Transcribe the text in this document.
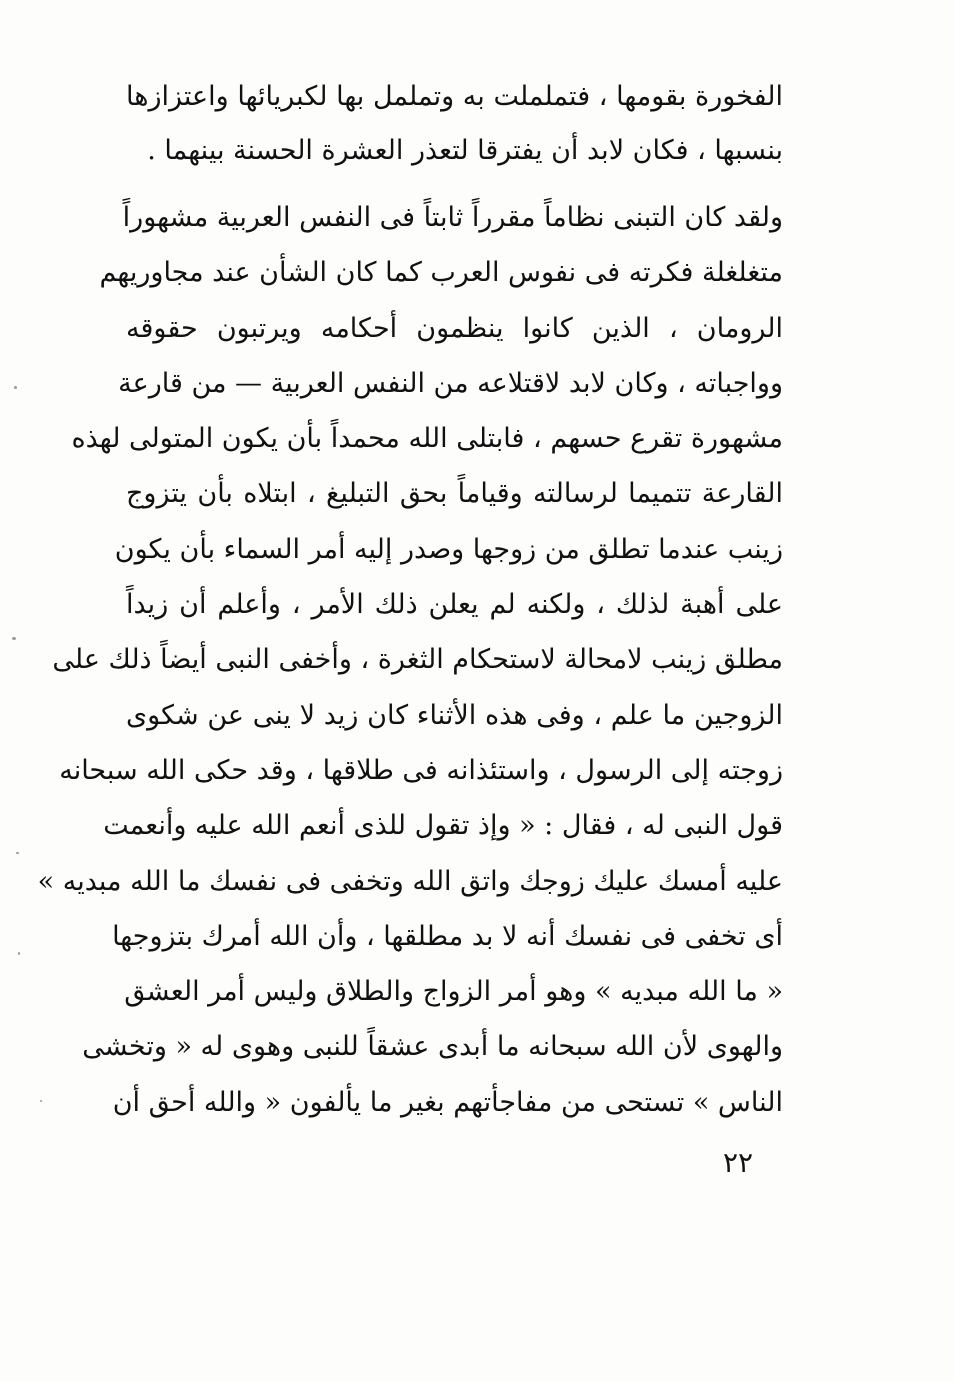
الفخورة بقومها ، فتململت به وتململ بها لكبريائها واعتزازها
بنسبها ، فكان لابد أن يفترقا لتعذر العشرة الحسنة بينهما .
ولقد كان التبنى نظاماً مقرراً ثابتاً فى النفس العربية مشهوراً
متغلغلة فكرته فى نفوس العرب كما كان الشأن عند مجاوريهم
الرومان ، الذين كانوا ينظمون أحكامه ويرتبون حقوقه
وواجباته ، وكان لابد لاقتلاعه من النفس العربية — من قارعة
مشهورة تقرع حسهم ، فابتلى الله محمداً بأن يكون المتولى لهذه
القارعة تتميما لرسالته وقياماً بحق التبليغ ، ابتلاه بأن يتزوج
زينب عندما تطلق من زوجها وصدر إليه أمر السماء بأن يكون
على أهبة لذلك ، ولكنه لم يعلن ذلك الأمر ، وأعلم أن زيداً
مطلق زينب لامحالة لاستحكام الثغرة ، وأخفى النبى أيضاً ذلك على
الزوجين ما علم ، وفى هذه الأثناء كان زيد لا ينى عن شكوى
زوجته إلى الرسول ، واستئذانه فى طلاقها ، وقد حكى الله سبحانه
قول النبى له ، فقال : « وإذ تقول للذى أنعم الله عليه وأنعمت
عليه أمسك عليك زوجك واتق الله وتخفى فى نفسك ما الله مبديه »
أى تخفى فى نفسك أنه لا بد مطلقها ، وأن الله أمرك بتزوجها
« ما الله مبديه » وهو أمر الزواج والطلاق وليس أمر العشق
والهوى لأن الله سبحانه ما أبدى عشقاً للنبى وهوى له « وتخشى
الناس » تستحى من مفاجأتهم بغير ما يألفون « والله أحق أن
٢٢
